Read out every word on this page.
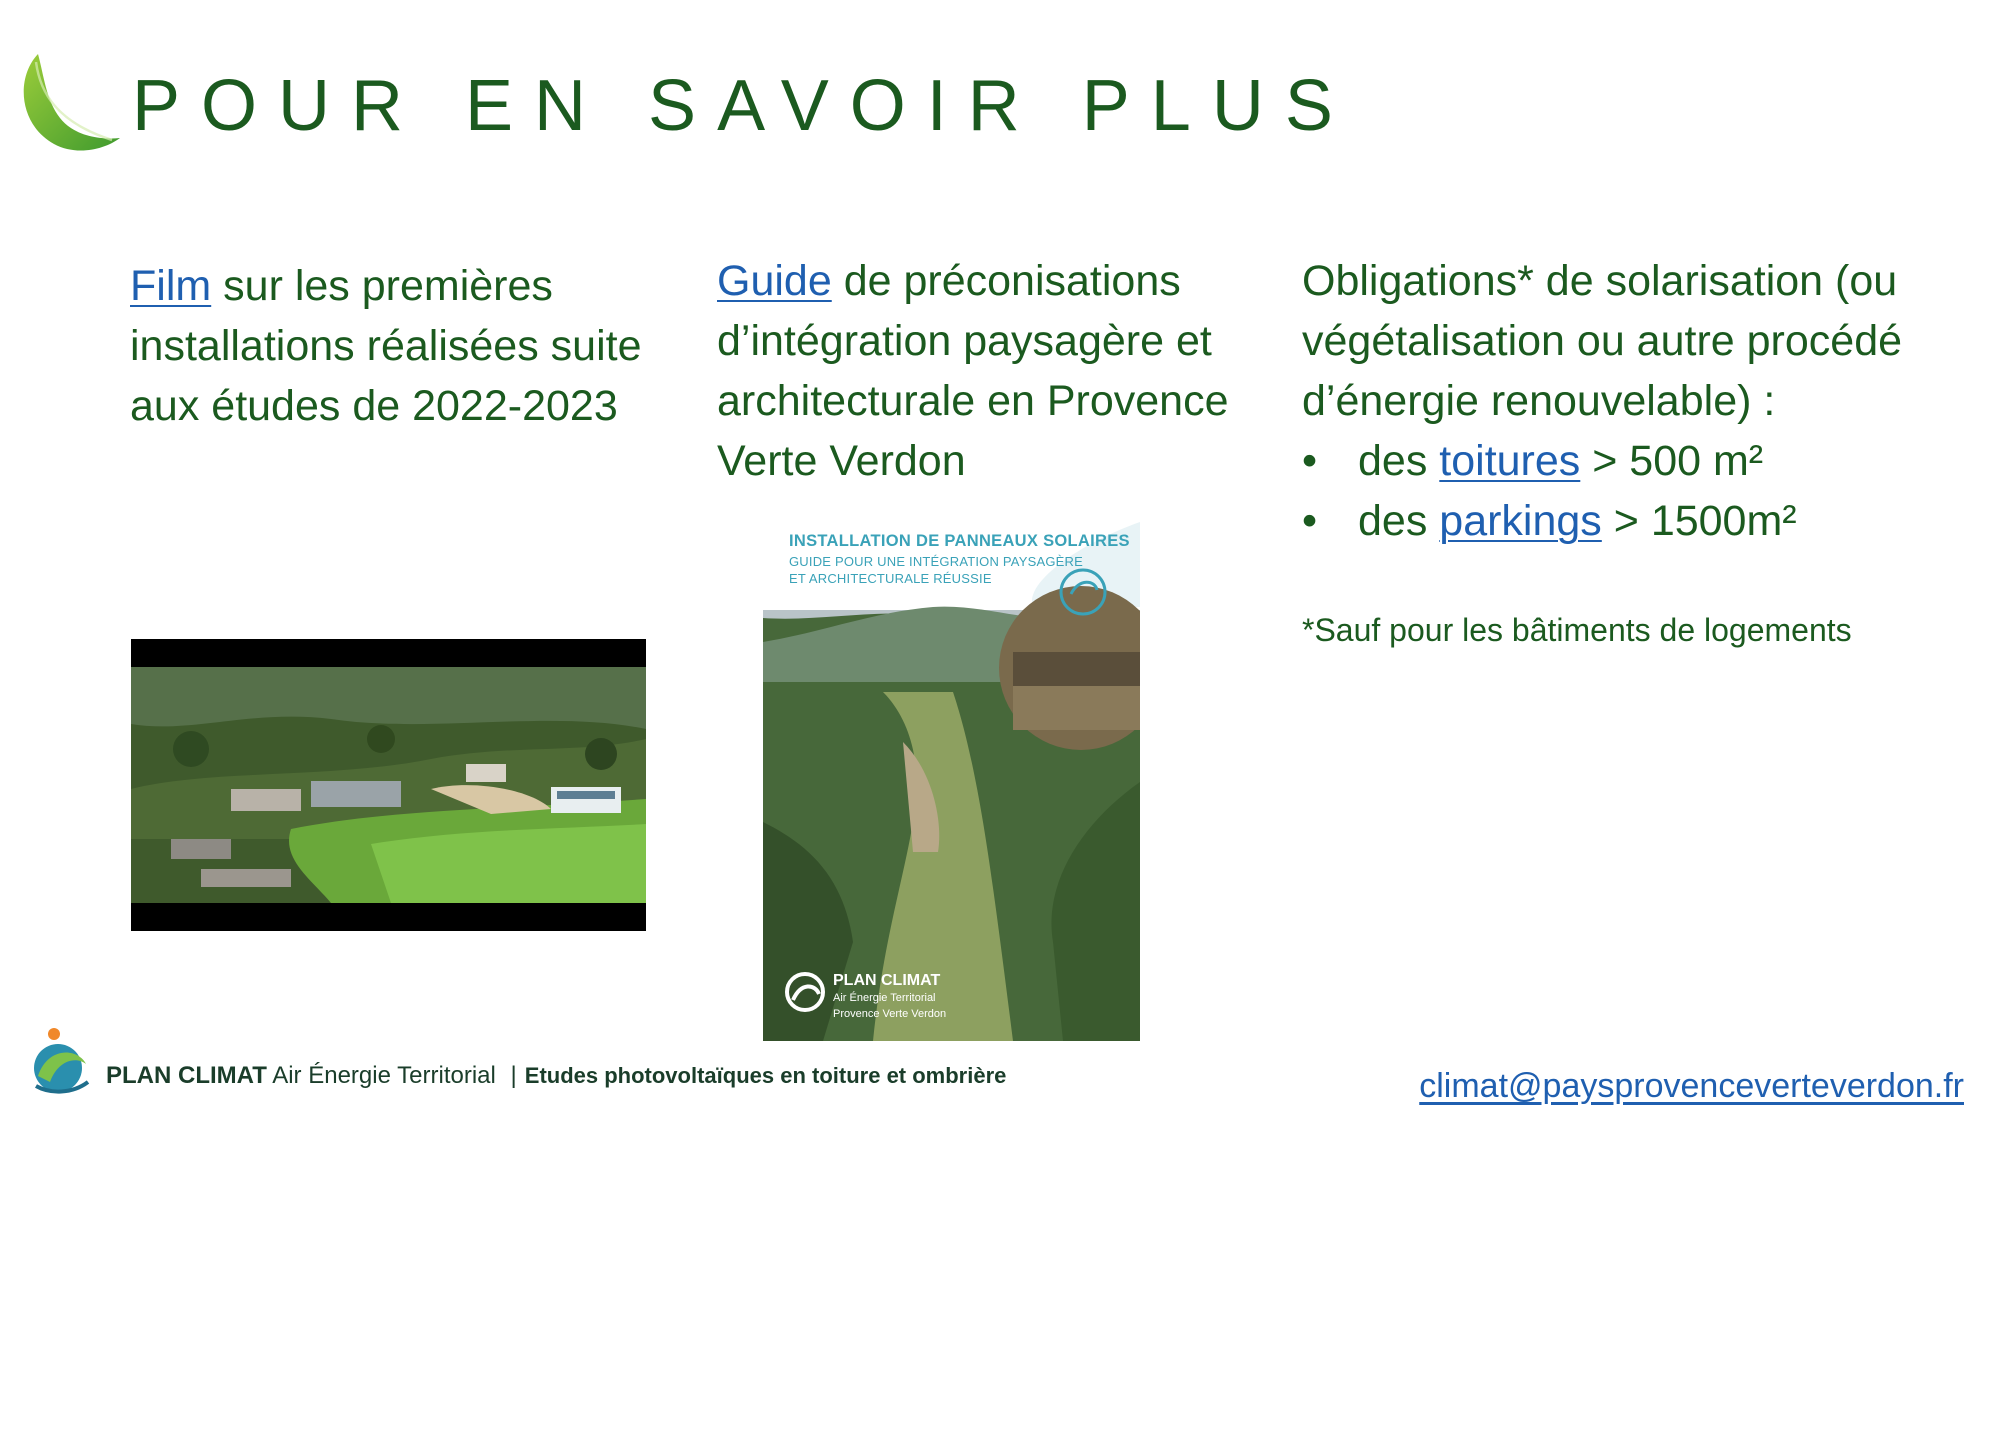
POUR EN SAVOIR PLUS
Film sur les premières installations réalisées suite aux études de 2022-2023
Guide de préconisations d’intégration paysagère et architecturale en Provence Verte Verdon
Obligations* de solarisation (ou végétalisation ou autre procédé d’énergie renouvelable) :
• des toitures > 500 m²
• des parkings > 1500m²
*Sauf pour les bâtiments de logements
INSTALLATION DE PANNEAUX SOLAIRES
GUIDE POUR UNE INTÉGRATION PAYSAGÈRE
ET ARCHITECTURALE RÉUSSIE
PLAN CLIMAT
Air Énergie Territorial
Provence Verte Verdon
Contact et inscription
(jusqu’au 11/11/2025) :
Cécile Provost
04 98 05 12 24
climat@paysprovenceverteverdon.fr
PLAN CLIMAT Air Énergie Territorial | Etudes photovoltaïques en toiture et ombrière
